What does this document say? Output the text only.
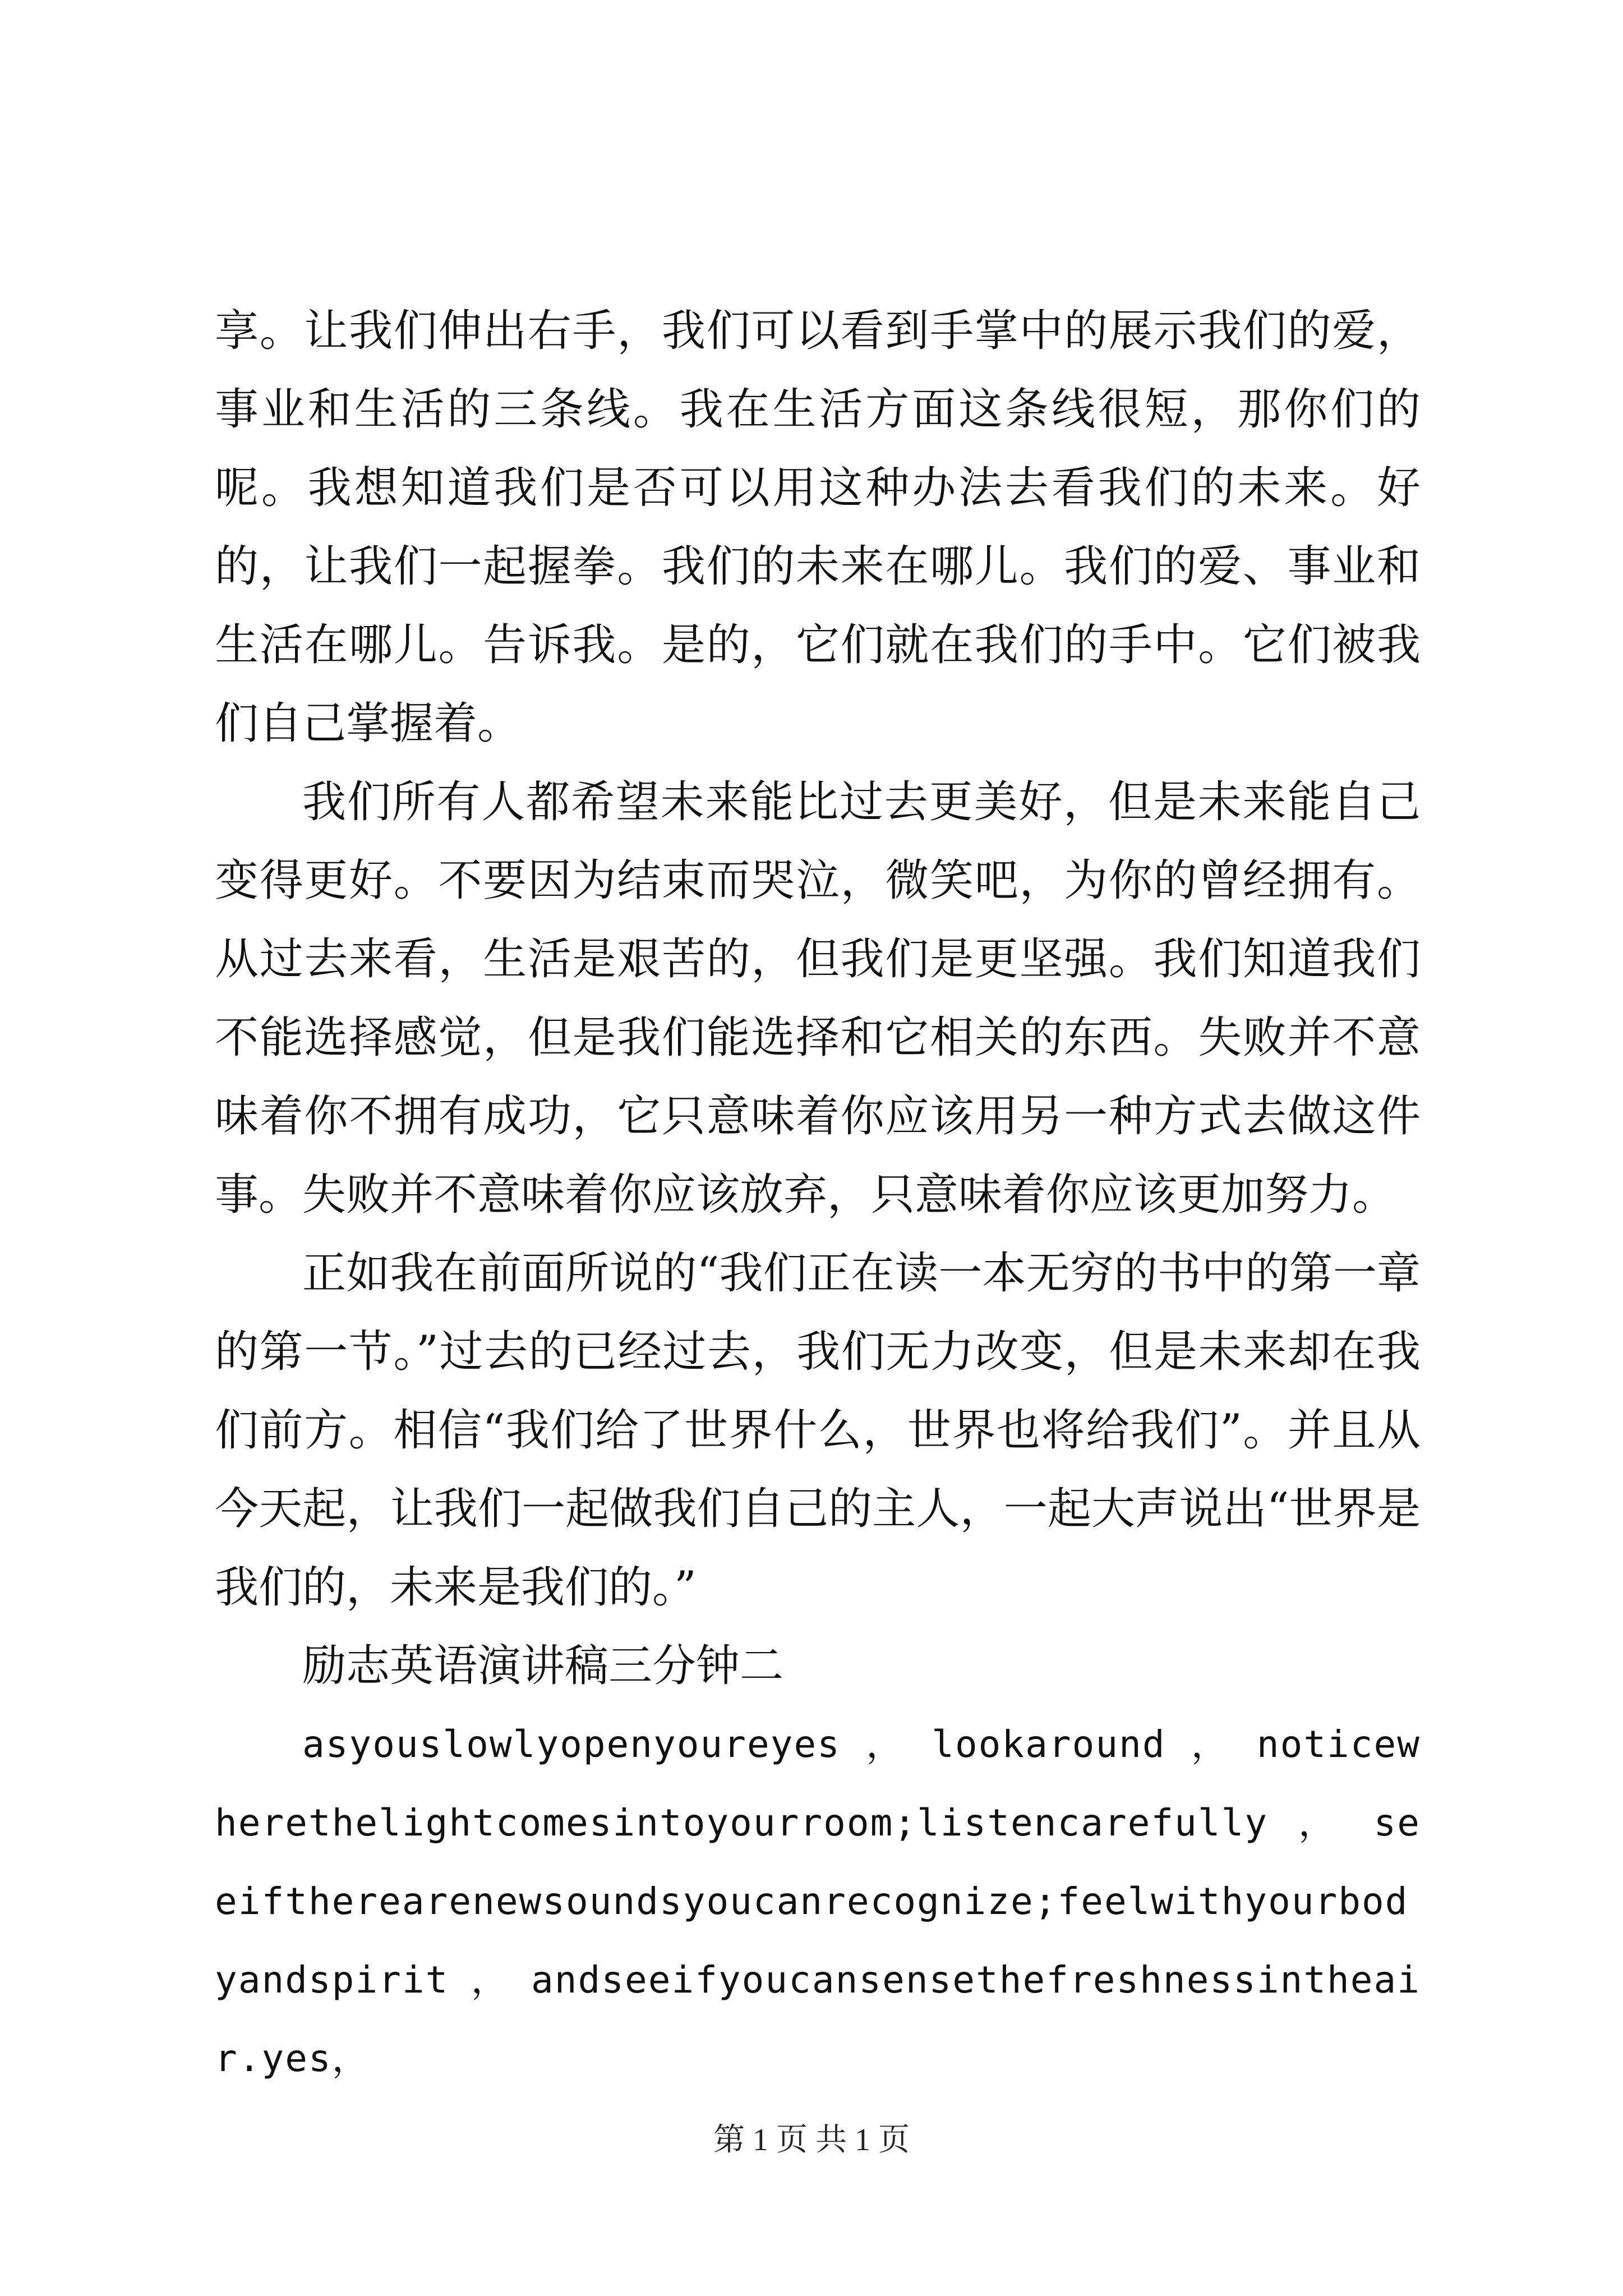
享。让我们伸出右手，我们可以看到手掌中的展示我们的爱，事业和生活的三条线。我在生活方面这条线很短，那你们的呢。我想知道我们是否可以用这种办法去看我们的未来。好的，让我们一起握拳。我们的未来在哪儿。我们的爱、事业和生活在哪儿。告诉我。是的，它们就在我们的手中。它们被我们自己掌握着。

我们所有人都希望未来能比过去更美好，但是未来能自己变得更好。不要因为结束而哭泣，微笑吧，为你的曾经拥有。从过去来看，生活是艰苦的，但我们是更坚强。我们知道我们不能选择感觉，但是我们能选择和它相关的东西。失败并不意味着你不拥有成功，它只意味着你应该用另一种方式去做这件事。失败并不意味着你应该放弃，只意味着你应该更加努力。

正如我在前面所说的“我们正在读一本无穷的书中的第一章的第一节。”过去的已经过去，我们无力改变，但是未来却在我们前方。相信“我们给了世界什么，世界也将给我们”。并且从今天起，让我们一起做我们自己的主人，一起大声说出“世界是我们的，未来是我们的。”

励志英语演讲稿三分钟二

asyouslowlyopenyoureyes ， lookaround ， noticewherethelightcomesintoyourroom;listencarefully ， seeiftherearenewsoundsyoucanrecognize;feelwithyourbodyandspirit，andseeifyoucansensethefreshnessintheair.yes，

第 1 页 共 1 页
